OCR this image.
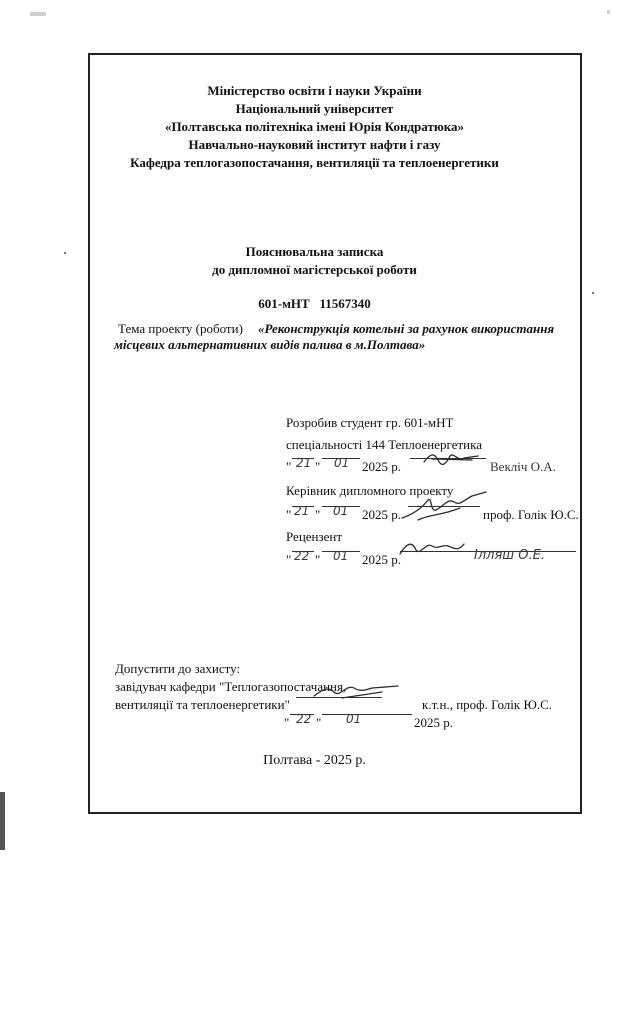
Міністерство освіти і науки України
Національний університет
«Полтавська політехніка імені Юрія Кондратюка»
Навчально-науковий інститут нафти і газу
Кафедра теплогазопостачання, вентиляції та теплоенергетики
Пояснювальна записка
до дипломної магістерської роботи
601-мНТ   11567340
Тема проекту (роботи) «Реконструкція котельні за рахунок використання
місцевих альтернативних видів палива в м.Полтава»
Розробив студент гр. 601-мНТ
спеціальності 144 Теплоенергетика
" 21 " 01 2025 р.	Векліч О.А.
Керівник дипломного проекту
" 21 " 01 2025 р.	проф. Голік Ю.С.
Рецензент
" 22 " 01 2025 р.	Ілляш О.Е.
Допустити до захисту:
завідувач кафедри "Теплогазопостачання,
вентиляції та теплоенергетики"	к.т.н., проф. Голік Ю.С.
" 22 " 01	2025 р.
Полтава - 2025 р.
